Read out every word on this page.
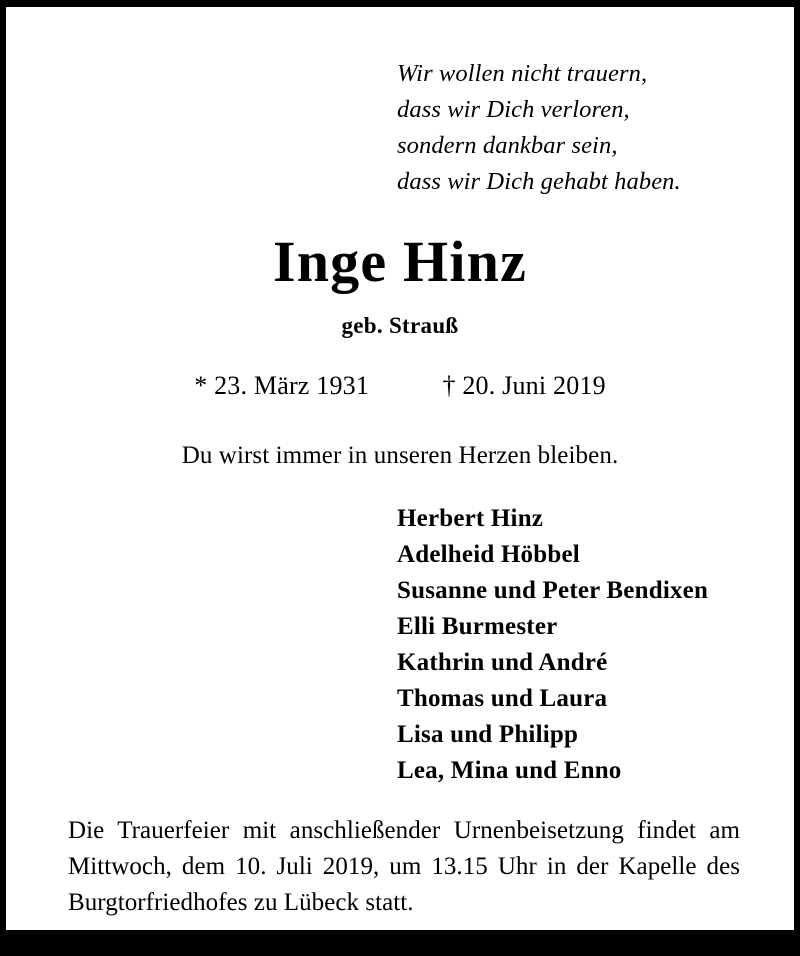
Wir wollen nicht trauern,
dass wir Dich verloren,
sondern dankbar sein,
dass wir Dich gehabt haben.
Inge Hinz
geb. Strauß
* 23. März 1931	† 20. Juni 2019
Du wirst immer in unseren Herzen bleiben.
Herbert Hinz
Adelheid Höbbel
Susanne und Peter Bendixen
Elli Burmester
Kathrin und André
Thomas und Laura
Lisa und Philipp
Lea, Mina und Enno
Die Trauerfeier mit anschließender Urnenbeisetzung findet am Mittwoch, dem 10. Juli 2019, um 13.15 Uhr in der Kapelle des Burgtorfriedhofes zu Lübeck statt.
